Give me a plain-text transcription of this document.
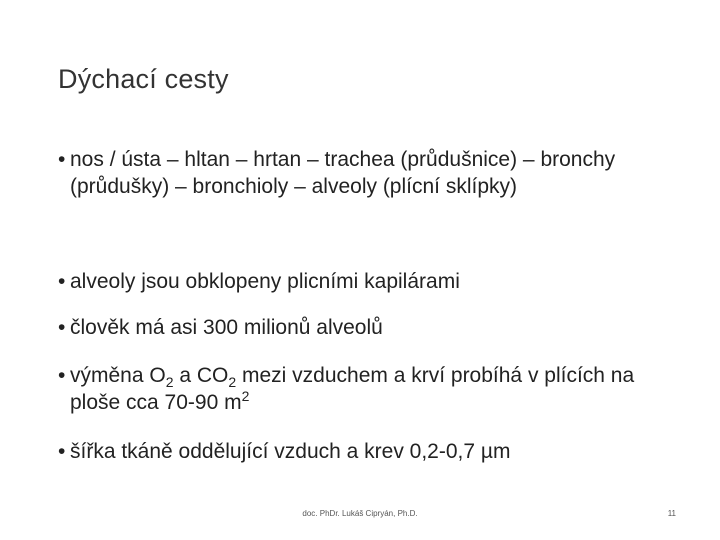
Dýchací cesty
• nos / ústa – hltan – hrtan – trachea (průdušnice) – bronchy (průdušky) – bronchioly – alveoly (plícní sklípky)
• alveoly jsou obklopeny plicními kapilárami
• člověk má asi 300 milionů alveolů
• výměna $O_2$ a $CO_2$ mezi vzduchem a krví probíhá v plících na ploše cca 70-90 $m^2$
• šířka tkáně oddělující vzduch a krev 0,2-0,7 µm
doc. PhDr. Lukáš Cipryán, Ph.D.	11
